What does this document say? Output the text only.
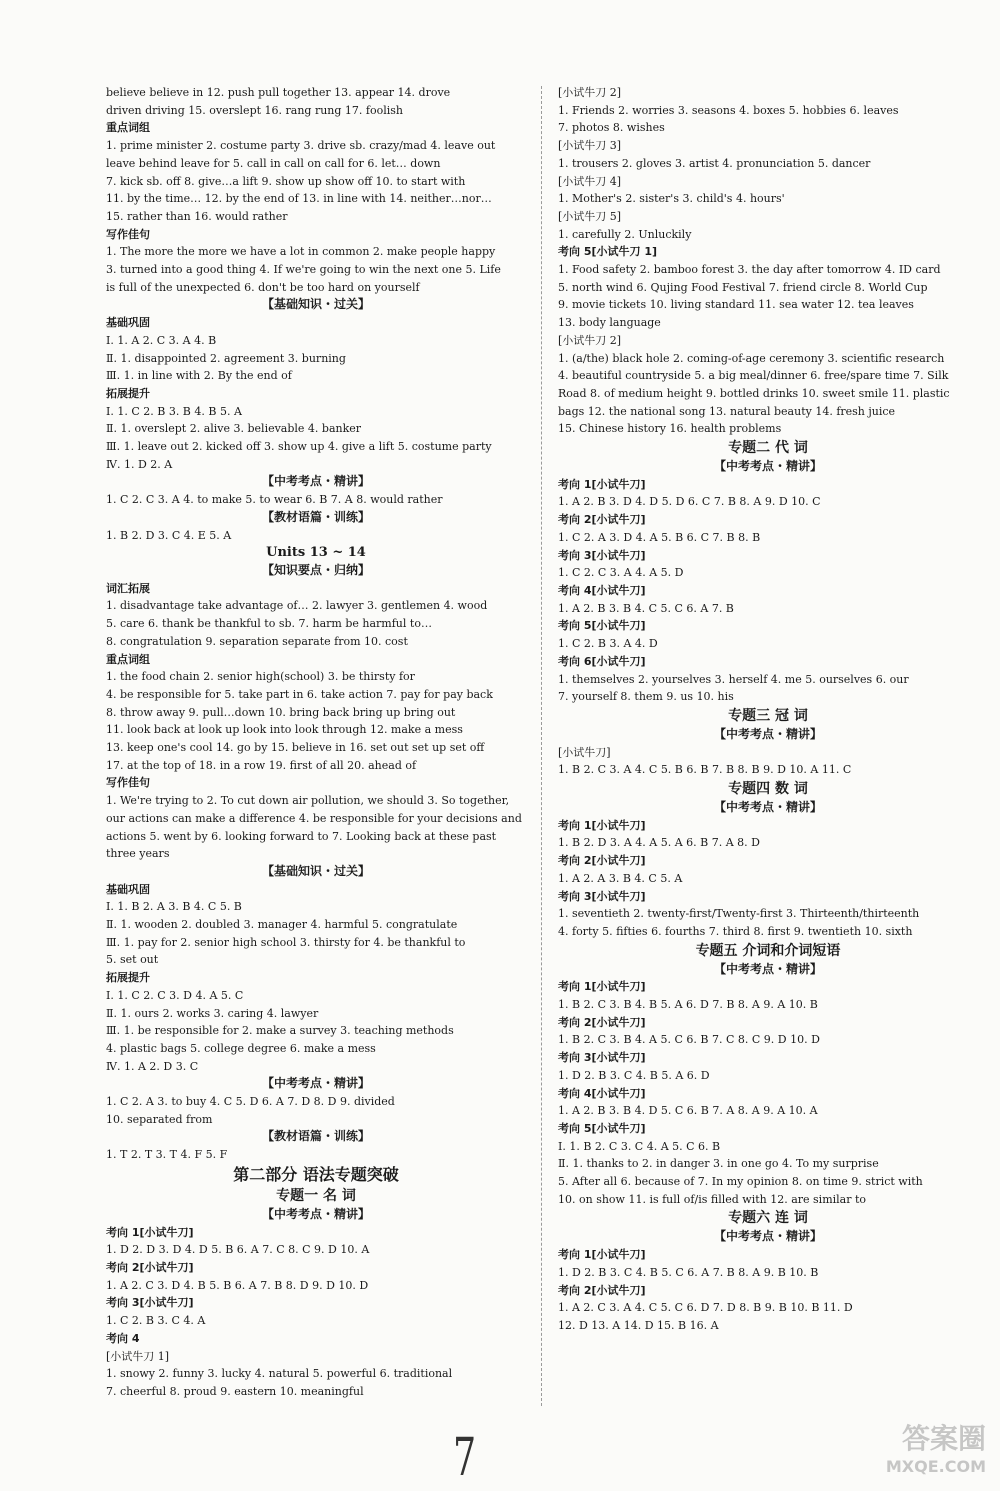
believe believe in 12. push pull together 13. appear 14. drove
driven driving 15. overslept 16. rang rung 17. foolish
重点词组
1. prime minister 2. costume party 3. drive sb. crazy/mad 4. leave out
leave behind leave for 5. call in call on call for 6. let… down
7. kick sb. off 8. give…a lift 9. show up show off 10. to start with
11. by the time… 12. by the end of 13. in line with 14. neither…nor…
15. rather than 16. would rather
写作佳句
1. The more the more we have a lot in common 2. make people happy
3. turned into a good thing 4. If we're going to win the next one 5. Life
is full of the unexpected 6. don't be too hard on yourself
【基础知识・过关】
基础巩固
Ⅰ. 1. A 2. C 3. A 4. B
Ⅱ. 1. disappointed 2. agreement 3. burning
Ⅲ. 1. in line with 2. By the end of
拓展提升
Ⅰ. 1. C 2. B 3. B 4. B 5. A
Ⅱ. 1. overslept 2. alive 3. believable 4. banker
Ⅲ. 1. leave out 2. kicked off 3. show up 4. give a lift 5. costume party
Ⅳ. 1. D 2. A
【中考考点・精讲】
1. C 2. C 3. A 4. to make 5. to wear 6. B 7. A 8. would rather
【教材语篇・训练】
1. B 2. D 3. C 4. E 5. A
Units 13 ~ 14
【知识要点・归纳】
词汇拓展
1. disadvantage take advantage of… 2. lawyer 3. gentlemen 4. wood
5. care 6. thank be thankful to sb. 7. harm be harmful to…
8. congratulation 9. separation separate from 10. cost
重点词组
1. the food chain 2. senior high(school) 3. be thirsty for
4. be responsible for 5. take part in 6. take action 7. pay for pay back
8. throw away 9. pull…down 10. bring back bring up bring out
11. look back at look up look into look through 12. make a mess
13. keep one's cool 14. go by 15. believe in 16. set out set up set off
17. at the top of 18. in a row 19. first of all 20. ahead of
写作佳句
1. We're trying to 2. To cut down air pollution, we should 3. So together,
our actions can make a difference 4. be responsible for your decisions and
actions 5. went by 6. looking forward to 7. Looking back at these past
three years
【基础知识・过关】
基础巩固
Ⅰ. 1. B 2. A 3. B 4. C 5. B
Ⅱ. 1. wooden 2. doubled 3. manager 4. harmful 5. congratulate
Ⅲ. 1. pay for 2. senior high school 3. thirsty for 4. be thankful to
5. set out
拓展提升
Ⅰ. 1. C 2. C 3. D 4. A 5. C
Ⅱ. 1. ours 2. works 3. caring 4. lawyer
Ⅲ. 1. be responsible for 2. make a survey 3. teaching methods
4. plastic bags 5. college degree 6. make a mess
Ⅳ. 1. A 2. D 3. C
【中考考点・精讲】
1. C 2. A 3. to buy 4. C 5. D 6. A 7. D 8. D 9. divided
10. separated from
【教材语篇・训练】
1. T 2. T 3. T 4. F 5. F
第二部分 语法专题突破
专题一 名 词
【中考考点・精讲】
考向 1[小试牛刀]
1. D 2. D 3. D 4. D 5. B 6. A 7. C 8. C 9. D 10. A
考向 2[小试牛刀]
1. A 2. C 3. D 4. B 5. B 6. A 7. B 8. D 9. D 10. D
考向 3[小试牛刀]
1. C 2. B 3. C 4. A
考向 4
[小试牛刀 1]
1. snowy 2. funny 3. lucky 4. natural 5. powerful 6. traditional
7. cheerful 8. proud 9. eastern 10. meaningful
[小试牛刀 2]
1. Friends 2. worries 3. seasons 4. boxes 5. hobbies 6. leaves
7. photos 8. wishes
[小试牛刀 3]
1. trousers 2. gloves 3. artist 4. pronunciation 5. dancer
[小试牛刀 4]
1. Mother's 2. sister's 3. child's 4. hours'
[小试牛刀 5]
1. carefully 2. Unluckily
考向 5[小试牛刀 1]
1. Food safety 2. bamboo forest 3. the day after tomorrow 4. ID card
5. north wind 6. Qujing Food Festival 7. friend circle 8. World Cup
9. movie tickets 10. living standard 11. sea water 12. tea leaves
13. body language
[小试牛刀 2]
1. (a/the) black hole 2. coming-of-age ceremony 3. scientific research
4. beautiful countryside 5. a big meal/dinner 6. free/spare time 7. Silk
Road 8. of medium height 9. bottled drinks 10. sweet smile 11. plastic
bags 12. the national song 13. natural beauty 14. fresh juice
15. Chinese history 16. health problems
专题二 代 词
【中考考点・精讲】
考向 1[小试牛刀]
1. A 2. B 3. D 4. D 5. D 6. C 7. B 8. A 9. D 10. C
考向 2[小试牛刀]
1. C 2. A 3. D 4. A 5. B 6. C 7. B 8. B
考向 3[小试牛刀]
1. C 2. C 3. A 4. A 5. D
考向 4[小试牛刀]
1. A 2. B 3. B 4. C 5. C 6. A 7. B
考向 5[小试牛刀]
1. C 2. B 3. A 4. D
考向 6[小试牛刀]
1. themselves 2. yourselves 3. herself 4. me 5. ourselves 6. our
7. yourself 8. them 9. us 10. his
专题三 冠 词
【中考考点・精讲】
[小试牛刀]
1. B 2. C 3. A 4. C 5. B 6. B 7. B 8. B 9. D 10. A 11. C
专题四 数 词
【中考考点・精讲】
考向 1[小试牛刀]
1. B 2. D 3. A 4. A 5. A 6. B 7. A 8. D
考向 2[小试牛刀]
1. A 2. A 3. B 4. C 5. A
考向 3[小试牛刀]
1. seventieth 2. twenty-first/Twenty-first 3. Thirteenth/thirteenth
4. forty 5. fifties 6. fourths 7. third 8. first 9. twentieth 10. sixth
专题五 介词和介词短语
【中考考点・精讲】
考向 1[小试牛刀]
1. B 2. C 3. B 4. B 5. A 6. D 7. B 8. A 9. A 10. B
考向 2[小试牛刀]
1. B 2. C 3. B 4. A 5. C 6. B 7. C 8. C 9. D 10. D
考向 3[小试牛刀]
1. D 2. B 3. C 4. B 5. A 6. D
考向 4[小试牛刀]
1. A 2. B 3. B 4. D 5. C 6. B 7. A 8. A 9. A 10. A
考向 5[小试牛刀]
Ⅰ. 1. B 2. C 3. C 4. A 5. C 6. B
Ⅱ. 1. thanks to 2. in danger 3. in one go 4. To my surprise
5. After all 6. because of 7. In my opinion 8. on time 9. strict with
10. on show 11. is full of/is filled with 12. are similar to
专题六 连 词
【中考考点・精讲】
考向 1[小试牛刀]
1. D 2. B 3. C 4. B 5. C 6. A 7. B 8. A 9. B 10. B
考向 2[小试牛刀]
1. A 2. C 3. A 4. C 5. C 6. D 7. D 8. B 9. B 10. B 11. D
12. D 13. A 14. D 15. B 16. A
7	答案圈
MXQE.COM
